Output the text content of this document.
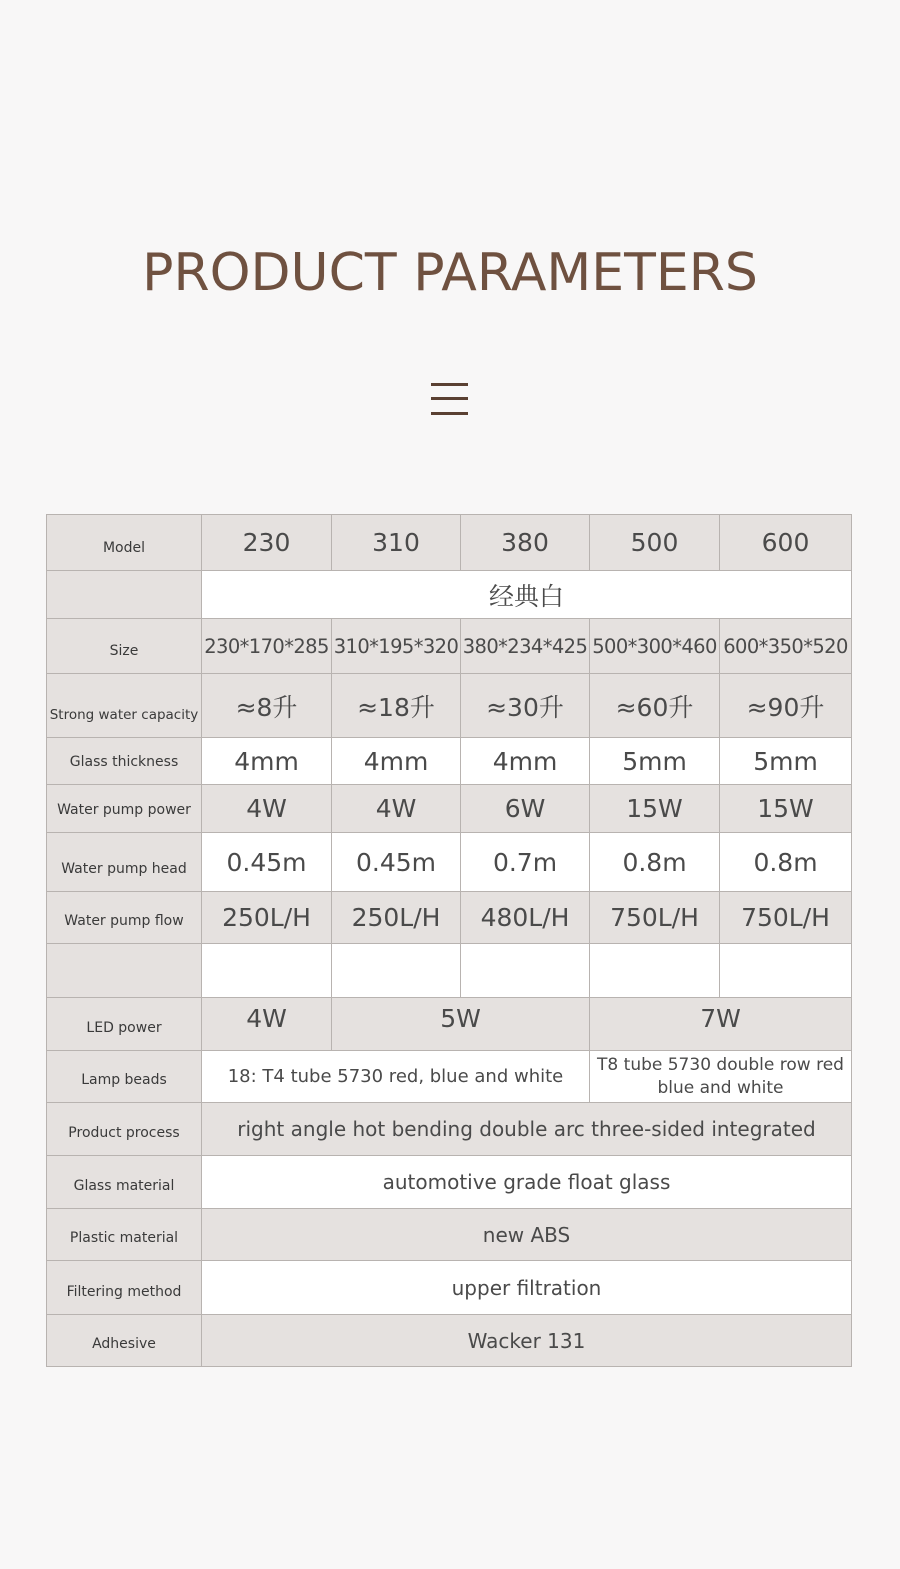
PRODUCT PARAMETERS
Model	230	310	380	500	600
	经典白				
Size	230*170*285	310*195*320	380*234*425	500*300*460	600*350*520
Strong water capacity	≈8升	≈18升	≈30升	≈60升	≈90升
Glass thickness	4mm	4mm	4mm	5mm	5mm
Water pump power	4W	4W	6W	15W	15W
Water pump head	0.45m	0.45m	0.7m	0.8m	0.8m
Water pump flow	250L/H	250L/H	480L/H	750L/H	750L/H

LED power	4W	5W		7W	
Lamp beads	18: T4 tube 5730 red, blue and white			T8 tube 5730 double row red blue and white	
Product process	right angle hot bending double arc three-sided integrated				
Glass material	automotive grade float glass				
Plastic material	new ABS				
Filtering method	upper filtration				
Adhesive	Wacker 131				
